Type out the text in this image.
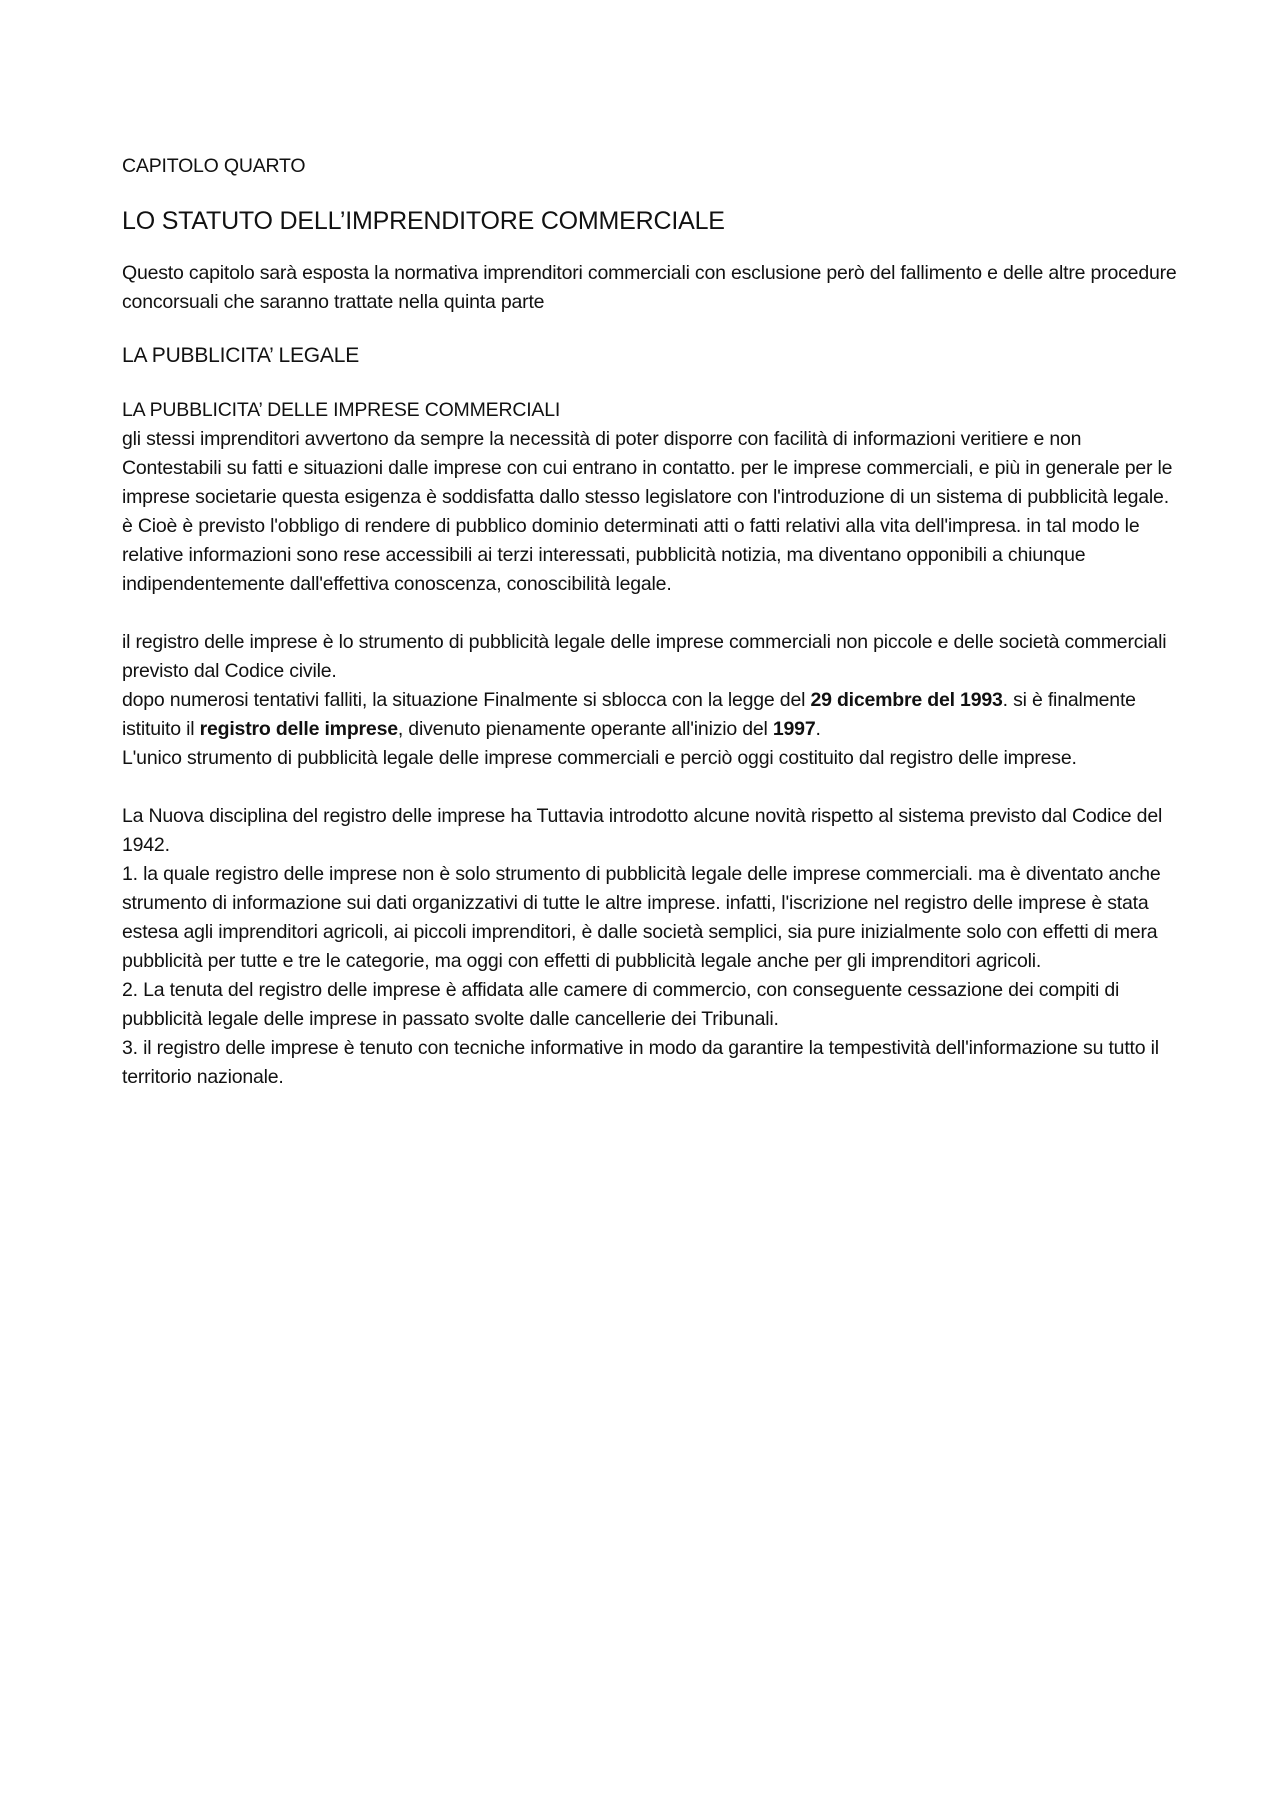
CAPITOLO QUARTO
LO STATUTO DELL’IMPRENDITORE COMMERCIALE

Questo capitolo sarà esposta la normativa imprenditori commerciali con esclusione però del fallimento e delle altre procedure concorsuali che saranno trattate nella quinta parte

LA PUBBLICITA’ LEGALE

LA PUBBLICITA’ DELLE IMPRESE COMMERCIALI

gli stessi imprenditori avvertono da sempre la necessità di poter disporre con facilità di informazioni veritiere e non Contestabili su fatti e situazioni dalle imprese con cui entrano in contatto. per le imprese commerciali, e più in generale per le imprese societarie questa esigenza è soddisfatta dallo stesso legislatore con l'introduzione di un sistema di pubblicità legale.

è Cioè è previsto l'obbligo di rendere di pubblico dominio determinati atti o fatti relativi alla vita dell'impresa. in tal modo le relative informazioni sono rese accessibili ai terzi interessati, pubblicità notizia, ma diventano opponibili a chiunque indipendentemente dall'effettiva conoscenza, conoscibilità legale.

il registro delle imprese è lo strumento di pubblicità legale delle imprese commerciali non piccole e delle società commerciali previsto dal Codice civile.

dopo numerosi tentativi falliti, la situazione Finalmente si sblocca con la legge del 29 dicembre del 1993. si è finalmente istituito il registro delle imprese, divenuto pienamente operante all'inizio del 1997.

L'unico strumento di pubblicità legale delle imprese commerciali e perciò oggi costituito dal registro delle imprese.

La Nuova disciplina del registro delle imprese ha Tuttavia introdotto alcune novità rispetto al sistema previsto dal Codice del 1942.

1. la quale registro delle imprese non è solo strumento di pubblicità legale delle imprese commerciali. ma è diventato anche strumento di informazione sui dati organizzativi di tutte le altre imprese. infatti, l'iscrizione nel registro delle imprese è stata estesa agli imprenditori agricoli, ai piccoli imprenditori, è dalle società semplici, sia pure inizialmente solo con effetti di mera pubblicità per tutte e tre le categorie, ma oggi con effetti di pubblicità legale anche per gli imprenditori agricoli.

2. La tenuta del registro delle imprese è affidata alle camere di commercio, con conseguente cessazione dei compiti di pubblicità legale delle imprese in passato svolte dalle cancellerie dei Tribunali.

3. il registro delle imprese è tenuto con tecniche informative in modo da garantire la tempestività dell'informazione su tutto il territorio nazionale.
